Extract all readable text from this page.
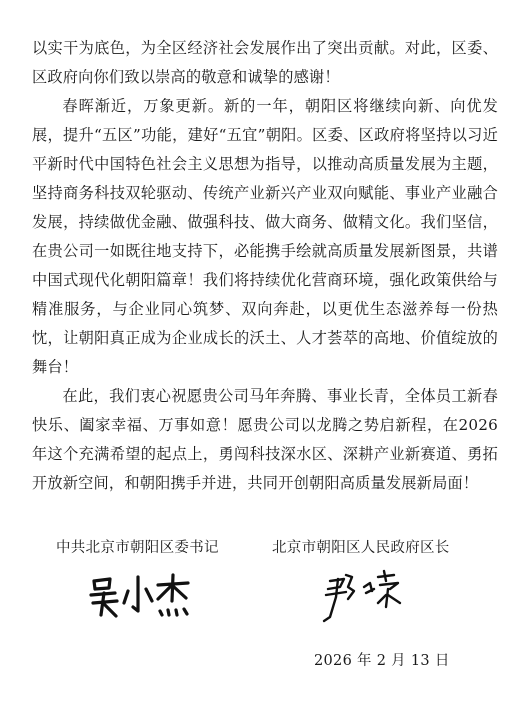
以实干为底色，为全区经济社会发展作出了突出贡献。对此，区委、区政府向你们致以崇高的敬意和诚挚的感谢！

春晖渐近，万象更新。新的一年，朝阳区将继续向新、向优发展，提升“五区”功能，建好“五宜”朝阳。区委、区政府将坚持以习近平新时代中国特色社会主义思想为指导，以推动高质量发展为主题，坚持商务科技双轮驱动、传统产业新兴产业双向赋能、事业产业融合发展，持续做优金融、做强科技、做大商务、做精文化。我们坚信，在贵公司一如既往地支持下，必能携手绘就高质量发展新图景，共谱中国式现代化朝阳篇章！我们将持续优化营商环境，强化政策供给与精准服务，与企业同心筑梦、双向奔赴，以更优生态滋养每一份热忱，让朝阳真正成为企业成长的沃土、人才荟萃的高地、价值绽放的舞台！

在此，我们衷心祝愿贵公司马年奔腾、事业长青，全体员工新春快乐、阖家幸福、万事如意！愿贵公司以龙腾之势启新程，在2026年这个充满希望的起点上，勇闯科技深水区、深耕产业新赛道、勇拓开放新空间，和朝阳携手并进，共同开创朝阳高质量发展新局面！

中共北京市朝阳区委书记	北京市朝阳区人民政府区长
2026 年 2 月 13 日
